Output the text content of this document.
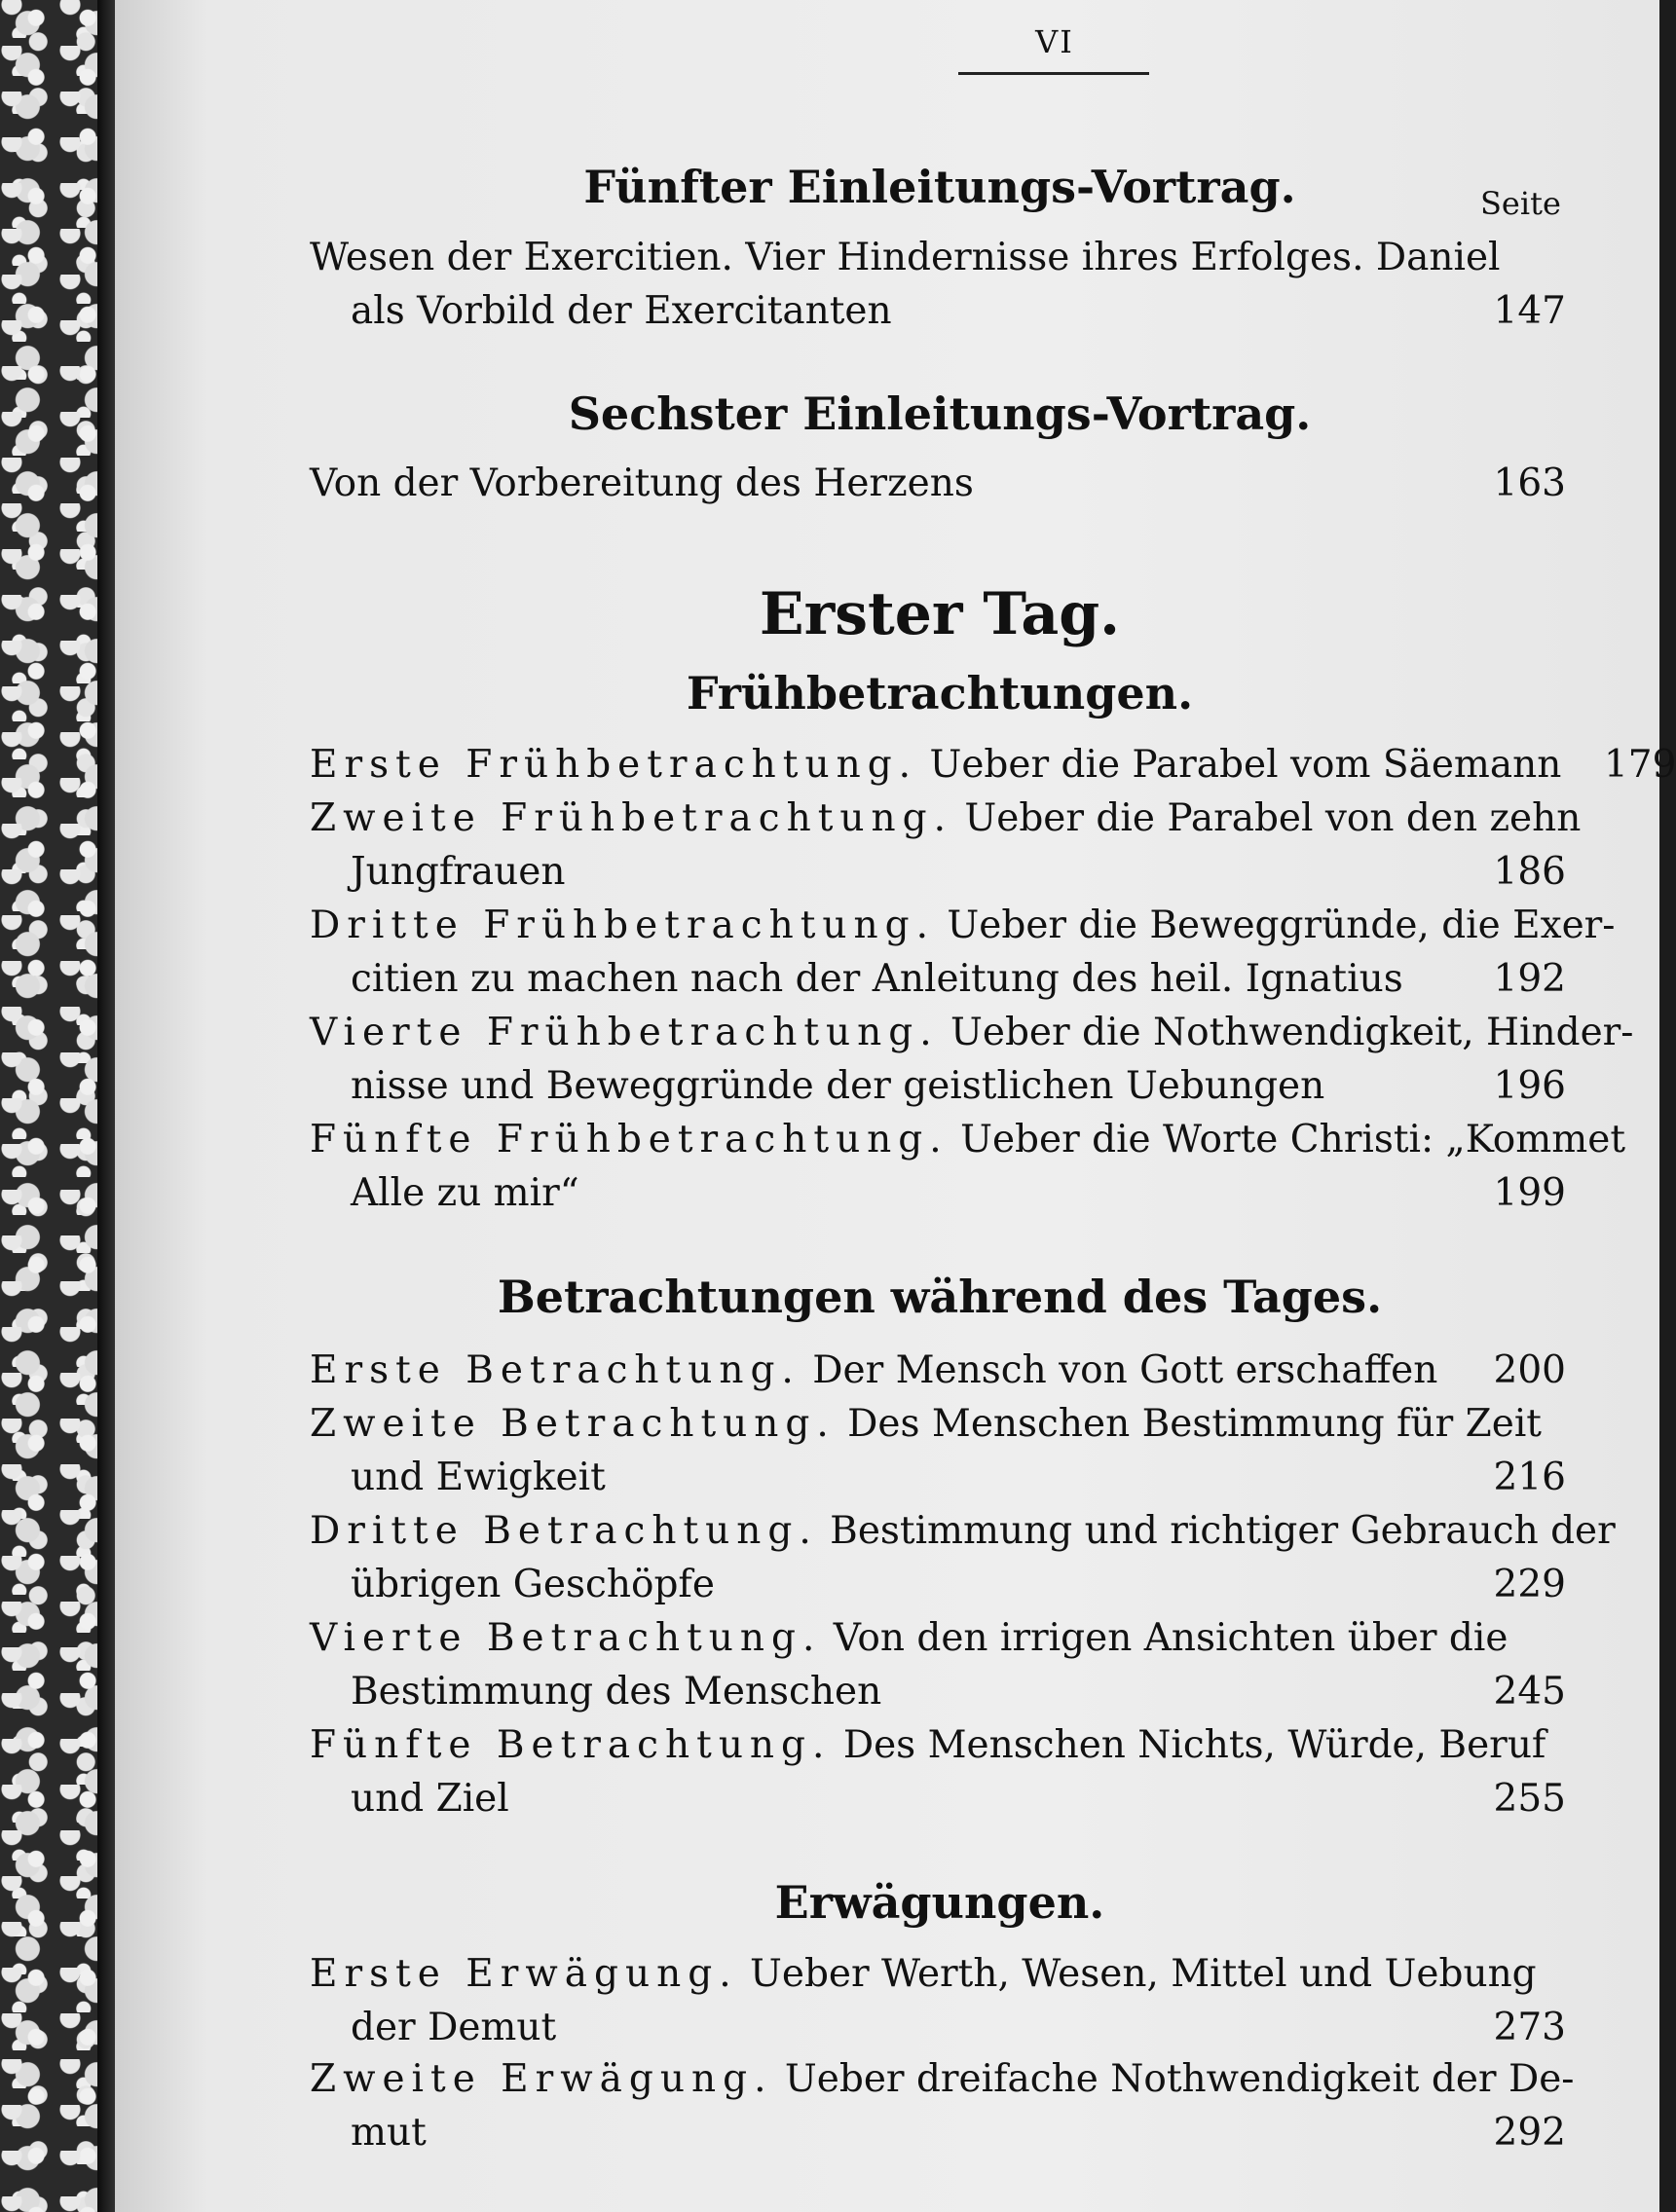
VI
Seite
Fünfter Einleitungs-Vortrag.
Wesen der Exercitien. Vier Hindernisse ihres Erfolges. Daniel
als Vorbild der Exercitanten	147
Sechster Einleitungs-Vortrag.
Von der Vorbereitung des Herzens	163
Erster Tag.
Frühbetrachtungen.
Erste Frühbetrachtung. Ueber die Parabel vom Säemann	179
Zweite Frühbetrachtung. Ueber die Parabel von den zehn
Jungfrauen	186
Dritte Frühbetrachtung. Ueber die Beweggründe, die Exer-
citien zu machen nach der Anleitung des heil. Ignatius	192
Vierte Frühbetrachtung. Ueber die Nothwendigkeit, Hinder-
nisse und Beweggründe der geistlichen Uebungen	196
Fünfte Frühbetrachtung. Ueber die Worte Christi: „Kommet
Alle zu mir“	199
Betrachtungen während des Tages.
Erste Betrachtung. Der Mensch von Gott erschaffen	200
Zweite Betrachtung. Des Menschen Bestimmung für Zeit
und Ewigkeit	216
Dritte Betrachtung. Bestimmung und richtiger Gebrauch der
übrigen Geschöpfe	229
Vierte Betrachtung. Von den irrigen Ansichten über die
Bestimmung des Menschen	245
Fünfte Betrachtung. Des Menschen Nichts, Würde, Beruf
und Ziel	255
Erwägungen.
Erste Erwägung. Ueber Werth, Wesen, Mittel und Uebung
der Demut	273
Zweite Erwägung. Ueber dreifache Nothwendigkeit der De-
mut	292
